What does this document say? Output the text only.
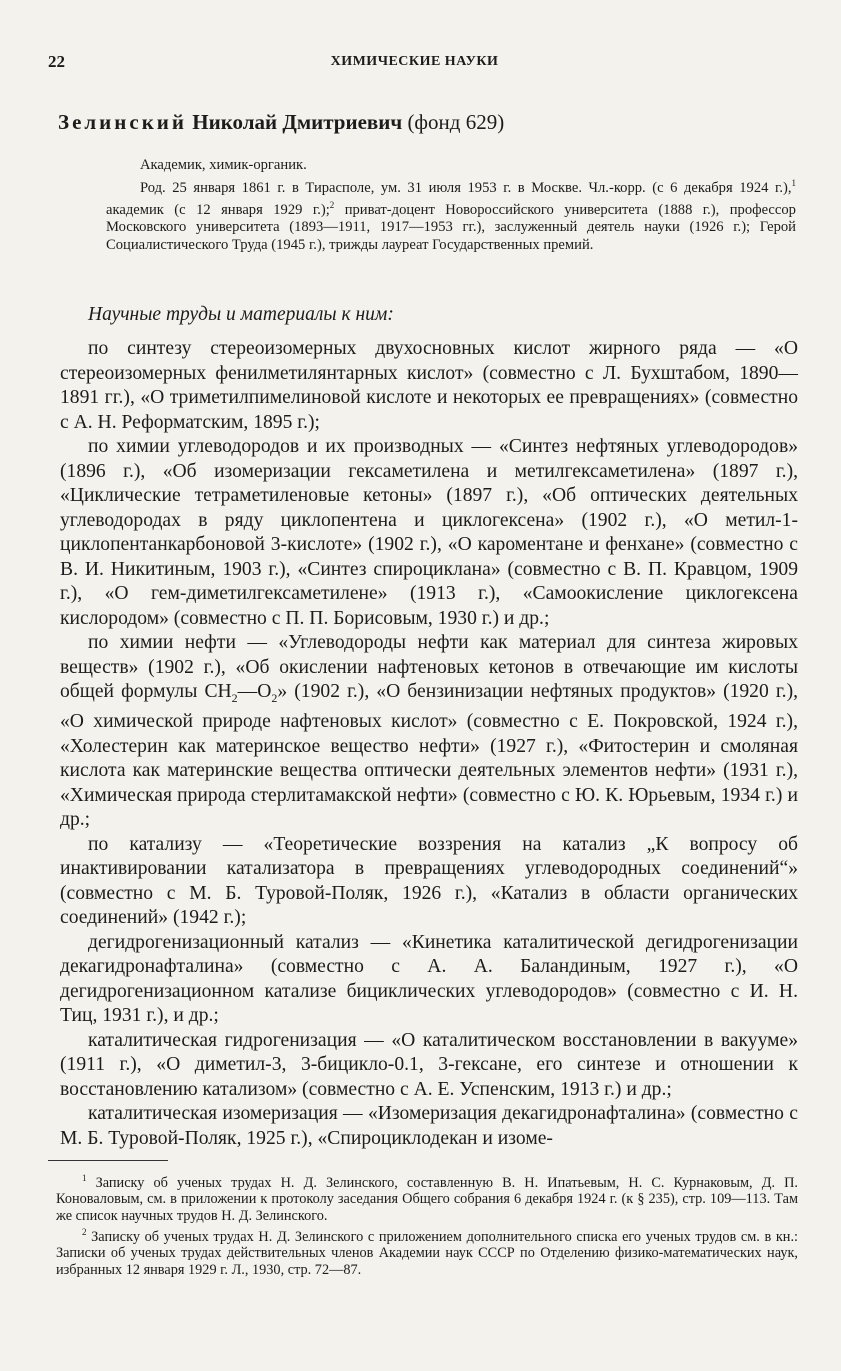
22	ХИМИЧЕСКИЕ НАУКИ
Зелинский Николай Дмитриевич (фонд 629)

Академик, химик-органик.

Род. 25 января 1861 г. в Тирасполе, ум. 31 июля 1953 г. в Москве. Чл.-корр. (с 6 декабря 1924 г.),$^1$ академик (с 12 января 1929 г.);$^2$ приват-доцент Новороссийского университета (1888 г.), профессор Московского университета (1893—1911, 1917—1953 гг.), заслуженный деятель науки (1926 г.); Герой Социалистического Труда (1945 г.), трижды лауреат Государственных премий.

Научные труды и материалы к ним:

по синтезу стереоизомерных двухосновных кислот жирного ряда — «О стереоизомерных фенилметилянтарных кислот» (совместно с Л. Бухштабом, 1890—1891 гг.), «О триметилпимелиновой кислоте и некоторых ее превращениях» (совместно с А. Н. Реформатским, 1895 г.);

по химии углеводородов и их производных — «Синтез нефтяных углеводородов» (1896 г.), «Об изомеризации гексаметилена и метилгексаметилена» (1897 г.), «Циклические тетраметиленовые кетоны» (1897 г.), «Об оптических деятельных углеводородах в ряду циклопентена и циклогексена» (1902 г.), «О метил-1-циклопентанкарбоновой 3-кислоте» (1902 г.), «О кароментане и фенхане» (совместно с В. И. Никитиным, 1903 г.), «Синтез спироциклана» (совместно с В. П. Кравцом, 1909 г.), «О гем-диметилгексаметилене» (1913 г.), «Самоокисление циклогексена кислородом» (совместно с П. П. Борисовым, 1930 г.) и др.;

по химии нефти — «Углеводороды нефти как материал для синтеза жировых веществ» (1902 г.), «Об окислении нафтеновых кетонов в отвечающие им кислоты общей формулы $СН_2—О_2$» (1902 г.), «О бензинизации нефтяных продуктов» (1920 г.), «О химической природе нафтеновых кислот» (совместно с Е. Покровской, 1924 г.), «Холестерин как материнское вещество нефти» (1927 г.), «Фитостерин и смоляная кислота как материнские вещества оптически деятельных элементов нефти» (1931 г.), «Химическая природа стерлитамакской нефти» (совместно с Ю. К. Юрьевым, 1934 г.) и др.;

по катализу — «Теоретические воззрения на катализ „К вопросу об инактивировании катализатора в превращениях углеводородных соединений“» (совместно с М. Б. Туровой-Поляк, 1926 г.), «Катализ в области органических соединений» (1942 г.);

дегидрогенизационный катализ — «Кинетика каталитической дегидрогенизации декагидронафталина» (совместно с А. А. Баландиным, 1927 г.), «О дегидрогенизационном катализе бициклических углеводородов» (совместно с И. Н. Тиц, 1931 г.), и др.;

каталитическая гидрогенизация — «О каталитическом восстановлении в вакууме» (1911 г.), «О диметил-3, 3-бицикло-0.1, 3-гексане, его синтезе и отношении к восстановлению катализом» (совместно с А. Е. Успенским, 1913 г.) и др.;

каталитическая изомеризация — «Изомеризация декагидронафталина» (совместно с М. Б. Туровой-Поляк, 1925 г.), «Спироциклодекан и изоме-

$^1$ Записку об ученых трудах Н. Д. Зелинского, составленную В. Н. Ипатьевым, Н. С. Курнаковым, Д. П. Коноваловым, см. в приложении к протоколу заседания Общего собрания 6 декабря 1924 г. (к § 235), стр. 109—113. Там же список научных трудов Н. Д. Зелинского.

$^2$ Записку об ученых трудах Н. Д. Зелинского с приложением дополнительного списка его ученых трудов см. в кн.: Записки об ученых трудах действительных членов Академии наук СССР по Отделению физико-математических наук, избранных 12 января 1929 г. Л., 1930, стр. 72—87.
